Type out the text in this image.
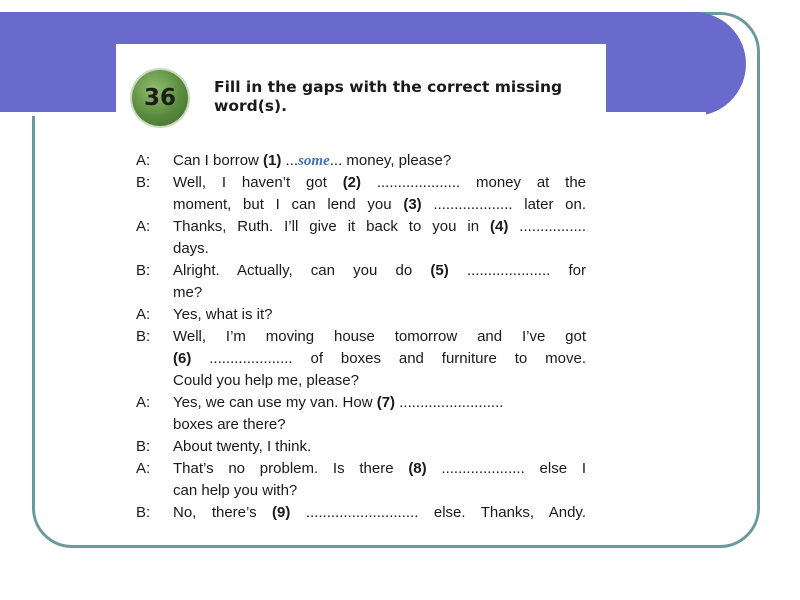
36	Fill in the gaps with the correct missing word(s).
A: Can I borrow (1) ...some... money, please?
B: Well, I haven’t got (2) .................... money at the
moment, but I can lend you (3) ................... later on.
A: Thanks, Ruth. I’ll give it back to you in (4) ................
days.
B: Alright. Actually, can you do (5) .................... for
me?
A: Yes, what is it?
B: Well, I’m moving house tomorrow and I’ve got
(6) .................... of boxes and furniture to move.
Could you help me, please?
A: Yes, we can use my van. How (7) .........................
boxes are there?
B: About twenty, I think.
A: That’s no problem. Is there (8) .................... else I
can help you with?
B: No, there’s (9) ........................... else. Thanks, Andy.
